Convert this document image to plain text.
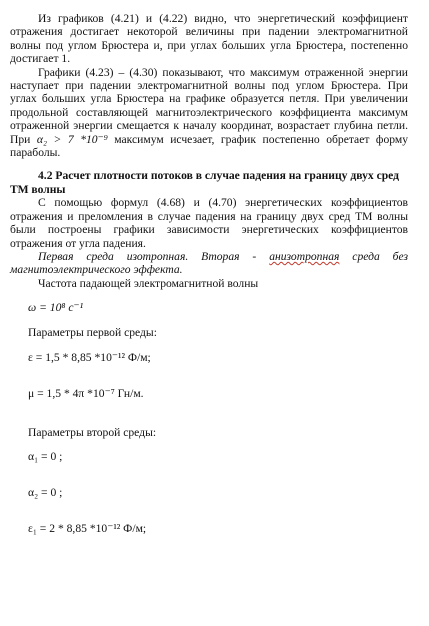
Из графиков (4.21) и (4.22) видно, что энергетический коэффициент отражения достигает некоторой величины при падении электромагнитной волны под углом Брюстера и, при углах больших угла Брюстера, постепенно достигает 1.

Графики (4.23) – (4.30) показывают, что максимум отраженной энергии наступает при падении электромагнитной волны под углом Брюстера. При углах больших угла Брюстера на графике образуется петля. При увеличении продольной составляющей магнитоэлектрического коэффициента максимум отраженной энергии смещается к началу координат, возрастает глубина петли. При α₂ > 7 *10⁻⁹ максимум исчезает, график постепенно обретает форму параболы.

4.2 Расчет плотности потоков в случае падения на границу двух сред ТМ волны

С помощью формул (4.68) и (4.70) энергетических коэффициентов отражения и преломления в случае падения на границу двух сред ТМ волны были построены графики зависимости энергетических коэффициентов отражения от угла падения.

Первая среда изотропная. Вторая - анизотропная среда без магнитоэлектрического эффекта.

Частота падающей электромагнитной волны

ω = 10⁸ с⁻¹

Параметры первой среды:

ε = 1,5 * 8,85 *10⁻¹² Ф/м;

μ = 1,5 * 4π *10⁻⁷ Гн/м.

Параметры второй среды:

α₁ = 0 ;

α₂ = 0 ;

ε₁ = 2 * 8,85 *10⁻¹² Ф/м;
